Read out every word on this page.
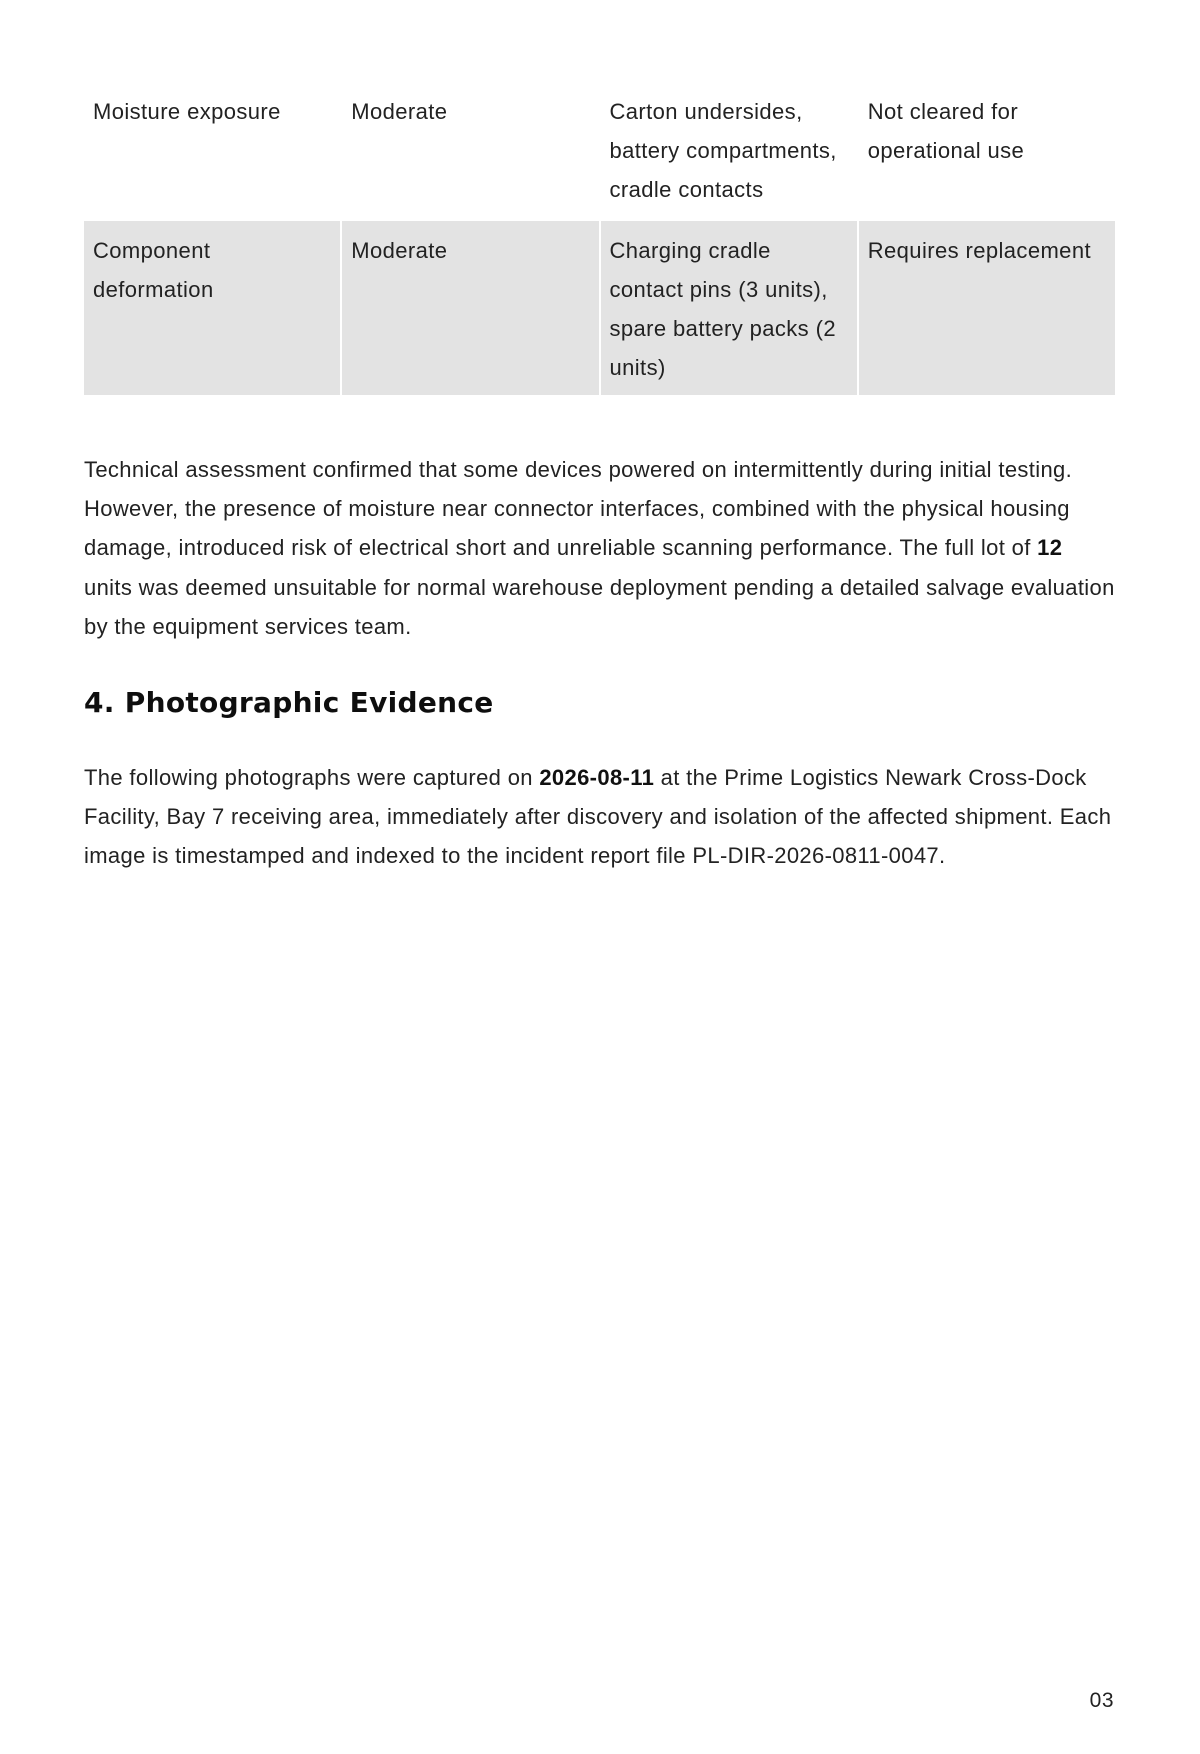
Moisture exposure	Moderate	Carton undersides, battery compartments, cradle contacts	Not cleared for operational use
Component deformation	Moderate	Charging cradle contact pins (3 units), spare battery packs (2 units)	Requires replacement

Technical assessment confirmed that some devices powered on intermittently during initial testing. However, the presence of moisture near connector interfaces, combined with the physical housing damage, introduced risk of electrical short and unreliable scanning performance. The full lot of 12 units was deemed unsuitable for normal warehouse deployment pending a detailed salvage evaluation by the equipment services team.

4. Photographic Evidence

The following photographs were captured on 2026-08-11 at the Prime Logistics Newark Cross-Dock Facility, Bay 7 receiving area, immediately after discovery and isolation of the affected shipment. Each image is timestamped and indexed to the incident report file PL-DIR-2026-0811-0047.

03
